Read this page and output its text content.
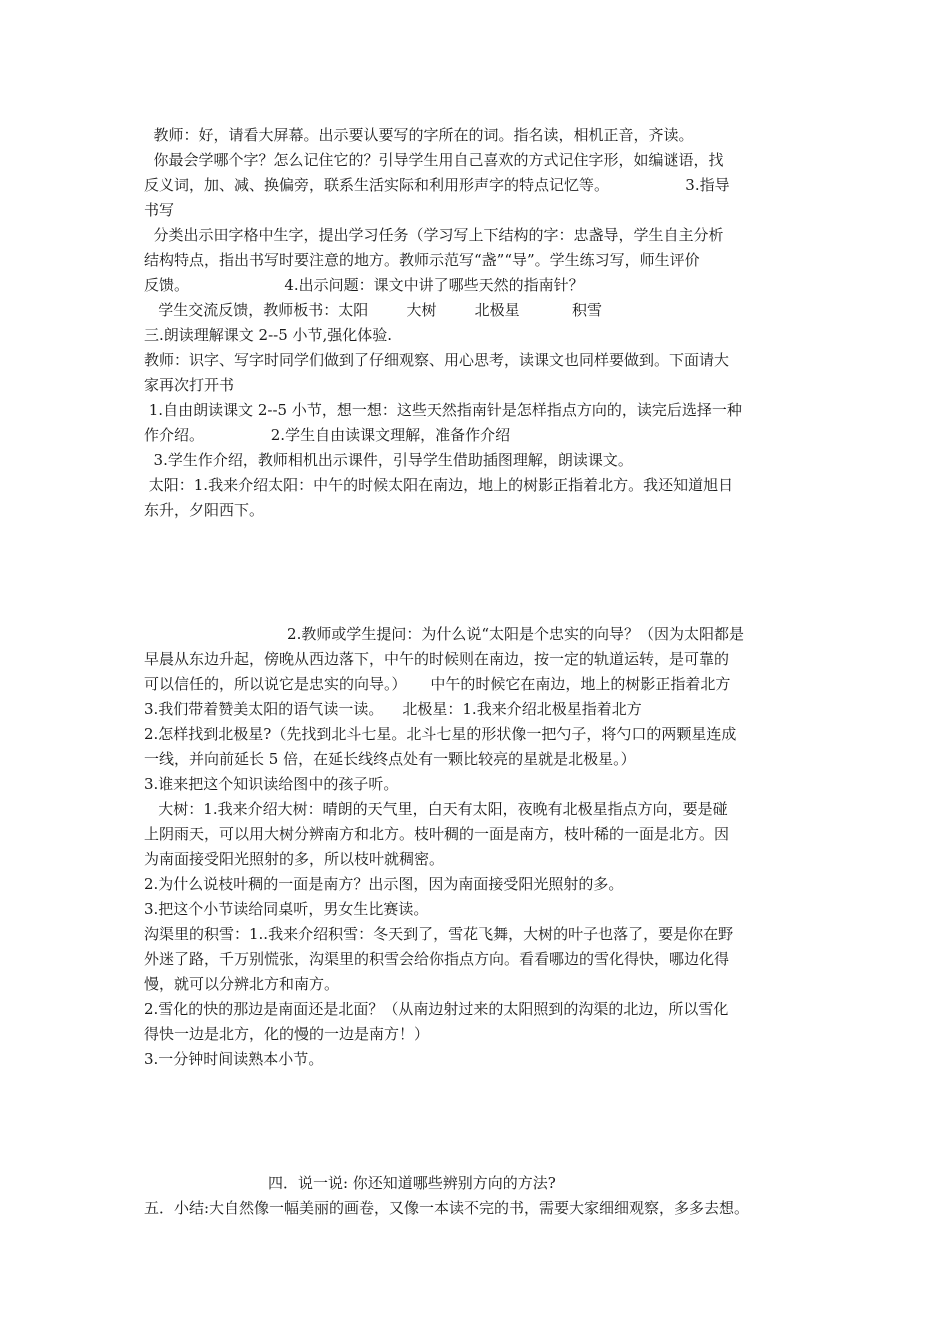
教师：好，请看大屏幕。出示要认要写的字所在的词。指名读，相机正音，齐读。
你最会学哪个字？怎么记住它的？引导学生用自己喜欢的方式记住字形，如编谜语，找
反义词，加、减、换偏旁，联系生活实际和利用形声字的特点记忆等。                3.指导
书写
分类出示田字格中生字，提出学习任务（学习写上下结构的字：忠盏导，学生自主分析
结构特点，指出书写时要注意的地方。教师示范写“盏”“导”。学生练习写，师生评价
反馈。                    4.出示问题：课文中讲了哪些天然的指南针？
学生交流反馈，教师板书：太阳        大树        北极星           积雪
三.朗读理解课文 2--5 小节,强化体验.
教师：识字、写字时同学们做到了仔细观察、用心思考，读课文也同样要做到。下面请大
家再次打开书
1.自由朗读课文 2--5 小节，想一想：这些天然指南针是怎样指点方向的，读完后选择一种
作介绍。              2.学生自由读课文理解，准备作介绍
3.学生作介绍，教师相机出示课件，引导学生借助插图理解，朗读课文。
太阳：1.我来介绍太阳：中午的时候太阳在南边，地上的树影正指着北方。我还知道旭日
东升，夕阳西下。
2.教师或学生提问：为什么说“太阳是个忠实的向导？（因为太阳都是
早晨从东边升起，傍晚从西边落下，中午的时候则在南边，按一定的轨道运转，是可靠的
可以信任的，所以说它是忠实的向导。）     中午的时候它在南边，地上的树影正指着北方
3.我们带着赞美太阳的语气读一读。    北极星：1.我来介绍北极星指着北方
2.怎样找到北极星?（先找到北斗七星。北斗七星的形状像一把勺子，将勺口的两颗星连成
一线，并向前延长 5 倍，在延长线终点处有一颗比较亮的星就是北极星。）
3.谁来把这个知识读给图中的孩子听。
大树：1.我来介绍大树：晴朗的天气里，白天有太阳，夜晚有北极星指点方向，要是碰
上阴雨天，可以用大树分辨南方和北方。枝叶稠的一面是南方，枝叶稀的一面是北方。因
为南面接受阳光照射的多，所以枝叶就稠密。
2.为什么说枝叶稠的一面是南方？出示图，因为南面接受阳光照射的多。
3.把这个小节读给同桌听，男女生比赛读。
沟渠里的积雪：1..我来介绍积雪：冬天到了，雪花飞舞，大树的叶子也落了，要是你在野
外迷了路，千万别慌张，沟渠里的积雪会给你指点方向。看看哪边的雪化得快，哪边化得
慢，就可以分辨北方和南方。
2.雪化的快的那边是南面还是北面？（从南边射过来的太阳照到的沟渠的北边，所以雪化
得快一边是北方，化的慢的一边是南方！）
3.一分钟时间读熟本小节。
四．说一说: 你还知道哪些辨别方向的方法?
五．小结:大自然像一幅美丽的画卷，又像一本读不完的书，需要大家细细观察，多多去想。
